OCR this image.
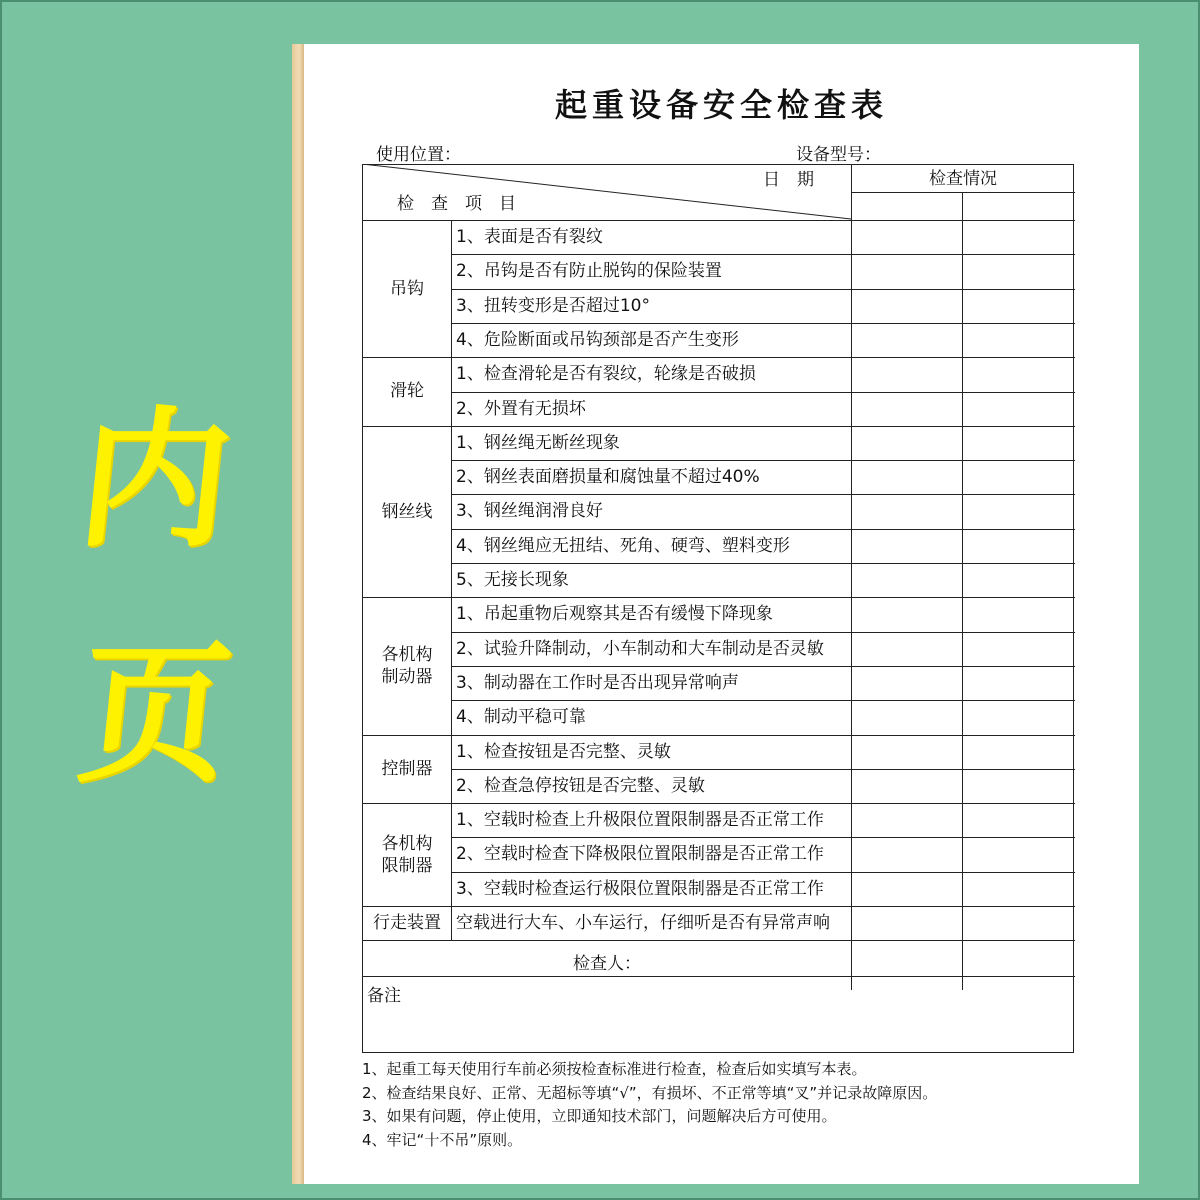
内
页
起重设备安全检查表
使用位置：	设备型号：
日　期
检　查　项　目
检查情况
吊钩
1、表面是否有裂纹
2、吊钩是否有防止脱钩的保险装置
3、扭转变形是否超过10°
4、危险断面或吊钩颈部是否产生变形
滑轮
1、检查滑轮是否有裂纹，轮缘是否破损
2、外置有无损坏
钢丝线
1、钢丝绳无断丝现象
2、钢丝表面磨损量和腐蚀量不超过40%
3、钢丝绳润滑良好
4、钢丝绳应无扭结、死角、硬弯、塑料变形
5、无接长现象
各机构
制动器
1、吊起重物后观察其是否有缓慢下降现象
2、试验升降制动，小车制动和大车制动是否灵敏
3、制动器在工作时是否出现异常响声
4、制动平稳可靠
控制器
1、检查按钮是否完整、灵敏
2、检查急停按钮是否完整、灵敏
各机构
限制器
1、空载时检查上升极限位置限制器是否正常工作
2、空载时检查下降极限位置限制器是否正常工作
3、空载时检查运行极限位置限制器是否正常工作
行走装置 空载进行大车、小车运行，仔细听是否有异常声响
检查人：
备注
1、起重工每天使用行车前必须按检查标准进行检查，检查后如实填写本表。
2、检查结果良好、正常、无超标等填“√”，有损坏、不正常等填“叉”并记录故障原因。
3、如果有问题，停止使用，立即通知技术部门，问题解决后方可使用。
4、牢记“十不吊”原则。
